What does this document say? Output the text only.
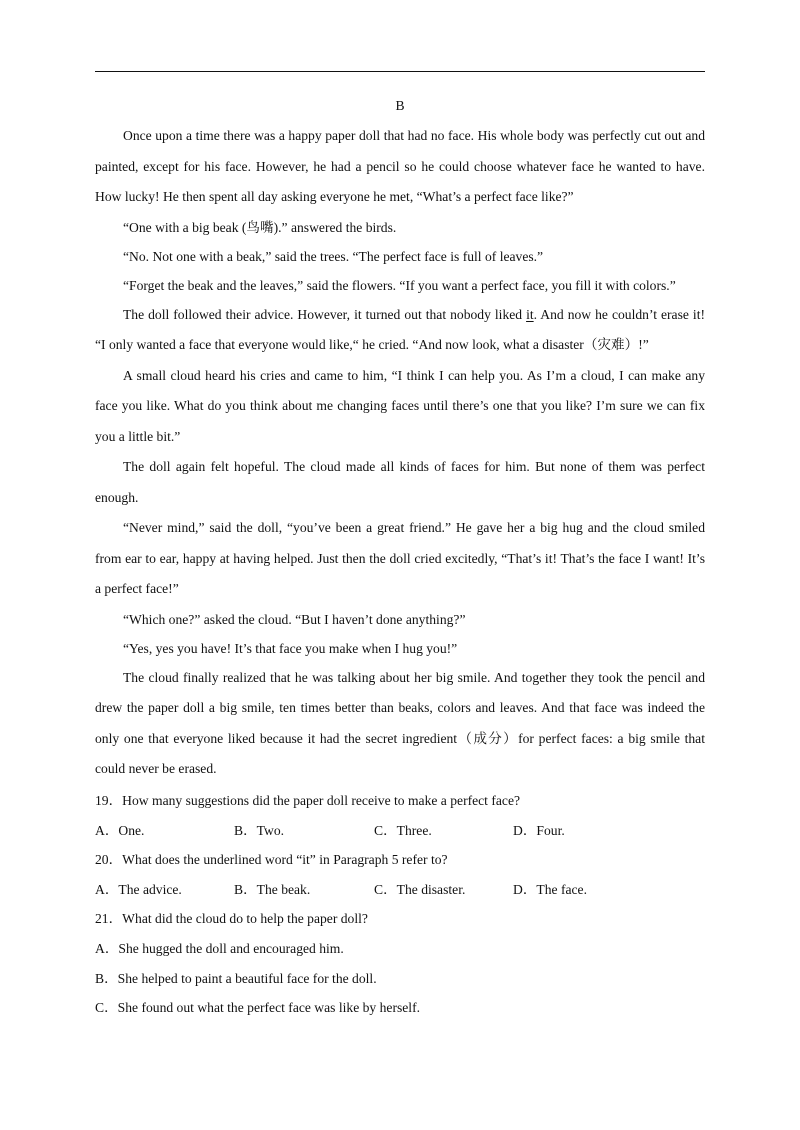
B

Once upon a time there was a happy paper doll that had no face. His whole body was perfectly cut out and painted, except for his face. However, he had a pencil so he could choose whatever face he wanted to have. How lucky! He then spent all day asking everyone he met, “What’s a perfect face like?”

“One with a big beak (鸟嘴).” answered the birds.

“No. Not one with a beak,” said the trees. “The perfect face is full of leaves.”

“Forget the beak and the leaves,” said the flowers. “If you want a perfect face, you fill it with colors.”

The doll followed their advice. However, it turned out that nobody liked it. And now he couldn’t erase it! “I only wanted a face that everyone would like,“ he cried. “And now look, what a disaster（灾难）!”

A small cloud heard his cries and came to him, “I think I can help you. As I’m a cloud, I can make any face you like. What do you think about me changing faces until there’s one that you like? I’m sure we can fix you a little bit.”

The doll again felt hopeful. The cloud made all kinds of faces for him. But none of them was perfect enough.

“Never mind,” said the doll, “you’ve been a great friend.” He gave her a big hug and the cloud smiled from ear to ear, happy at having helped. Just then the doll cried excitedly, “That’s it! That’s the face I want! It’s a perfect face!”

“Which one?” asked the cloud. “But I haven’t done anything?”

“Yes, yes you have! It’s that face you make when I hug you!”

The cloud finally realized that he was talking about her big smile. And together they took the pencil and drew the paper doll a big smile, ten times better than beaks, colors and leaves. And that face was indeed the only one that everyone liked because it had the secret ingredient（成分）for perfect faces: a big smile that could never be erased.

19．How many suggestions did the paper doll receive to make a perfect face?
A．One.	B．Two.	C．Three.	D．Four.
20．What does the underlined word “it” in Paragraph 5 refer to?
A．The advice.	B．The beak.	C．The disaster.	D．The face.
21．What did the cloud do to help the paper doll?
A．She hugged the doll and encouraged him.
B．She helped to paint a beautiful face for the doll.
C．She found out what the perfect face was like by herself.
